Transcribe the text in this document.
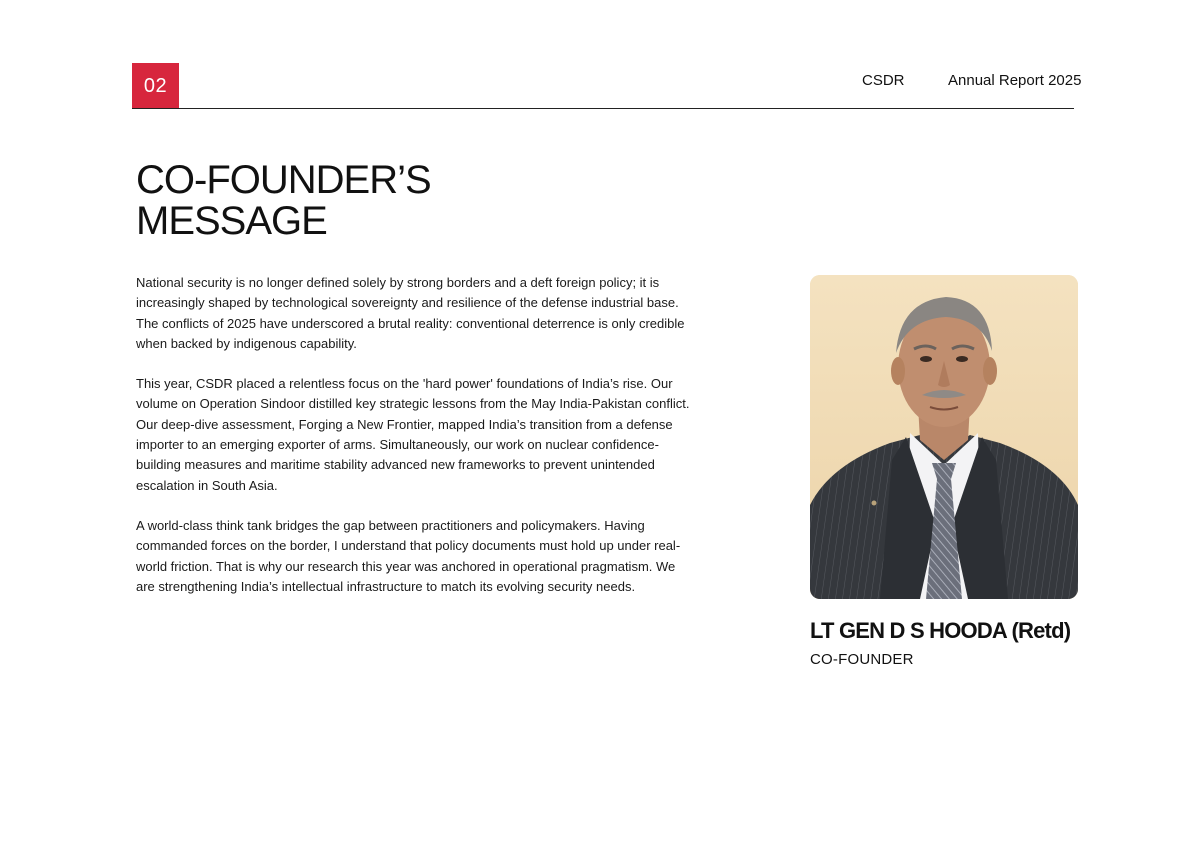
02	CSDR	Annual Report 2025
CO-FOUNDER’S
MESSAGE

National security is no longer defined solely by strong borders and a deft foreign policy; it is increasingly shaped by technological sovereignty and resilience of the defense industrial base. The conflicts of 2025 have underscored a brutal reality: conventional deterrence is only credible when backed by indigenous capability.

This year, CSDR placed a relentless focus on the 'hard power' foundations of India’s rise. Our volume on Operation Sindoor distilled key strategic lessons from the May India-Pakistan conflict. Our deep-dive assessment, Forging a New Frontier, mapped India’s transition from a defense importer to an emerging exporter of arms. Simultaneously, our work on nuclear confidence-building measures and maritime stability advanced new frameworks to prevent unintended escalation in South Asia.

A world-class think tank bridges the gap between practitioners and policymakers. Having commanded forces on the border, I understand that policy documents must hold up under real-world friction. That is why our research this year was anchored in operational pragmatism. We are strengthening India’s intellectual infrastructure to match its evolving security needs.

LT GEN D S HOODA (Retd)
CO-FOUNDER
